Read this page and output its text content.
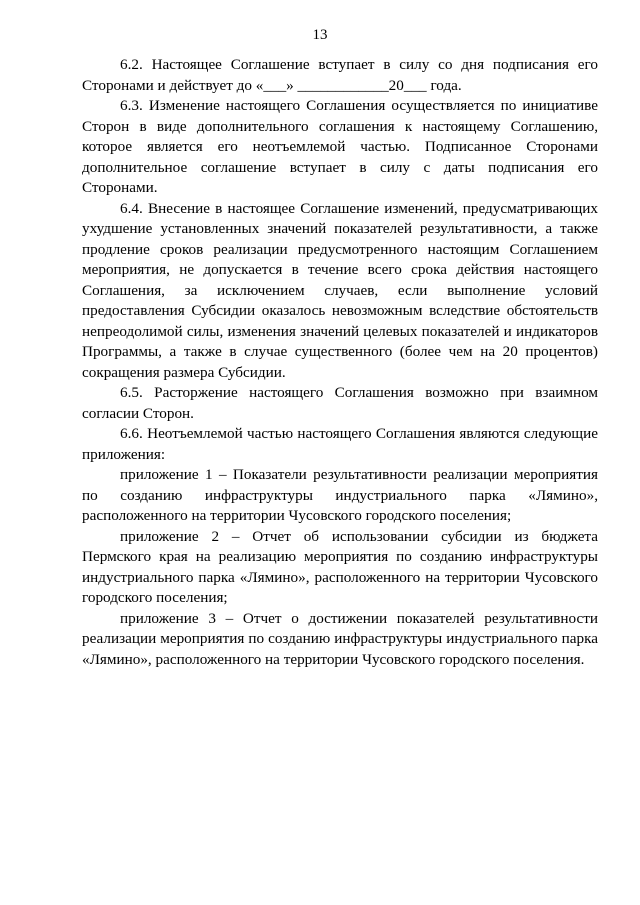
13

6.2. Настоящее Соглашение вступает в силу со дня подписания его Сторонами и действует до «___» ____________20___ года.

6.3. Изменение настоящего Соглашения осуществляется по инициативе Сторон в виде дополнительного соглашения к настоящему Соглашению, которое является его неотъемлемой частью. Подписанное Сторонами дополнительное соглашение вступает в силу с даты подписания его Сторонами.

6.4. Внесение в настоящее Соглашение изменений, предусматривающих ухудшение установленных значений показателей результативности, а также продление сроков реализации предусмотренного настоящим Соглашением мероприятия, не допускается в течение всего срока действия настоящего Соглашения, за исключением случаев, если выполнение условий предоставления Субсидии оказалось невозможным вследствие обстоятельств непреодолимой силы, изменения значений целевых показателей и индикаторов Программы, а также в случае существенного (более чем на 20 процентов) сокращения размера Субсидии.

6.5. Расторжение настоящего Соглашения возможно при взаимном согласии Сторон.

6.6. Неотъемлемой частью настоящего Соглашения являются следующие приложения:

приложение 1 – Показатели результативности реализации мероприятия по созданию инфраструктуры индустриального парка «Лямино», расположенного на территории Чусовского городского поселения;

приложение 2 – Отчет об использовании субсидии из бюджета Пермского края на реализацию мероприятия по созданию инфраструктуры индустриального парка «Лямино», расположенного на территории Чусовского городского поселения;

приложение 3 – Отчет о достижении показателей результативности реализации мероприятия по созданию инфраструктуры индустриального парка «Лямино», расположенного на территории Чусовского городского поселения.
